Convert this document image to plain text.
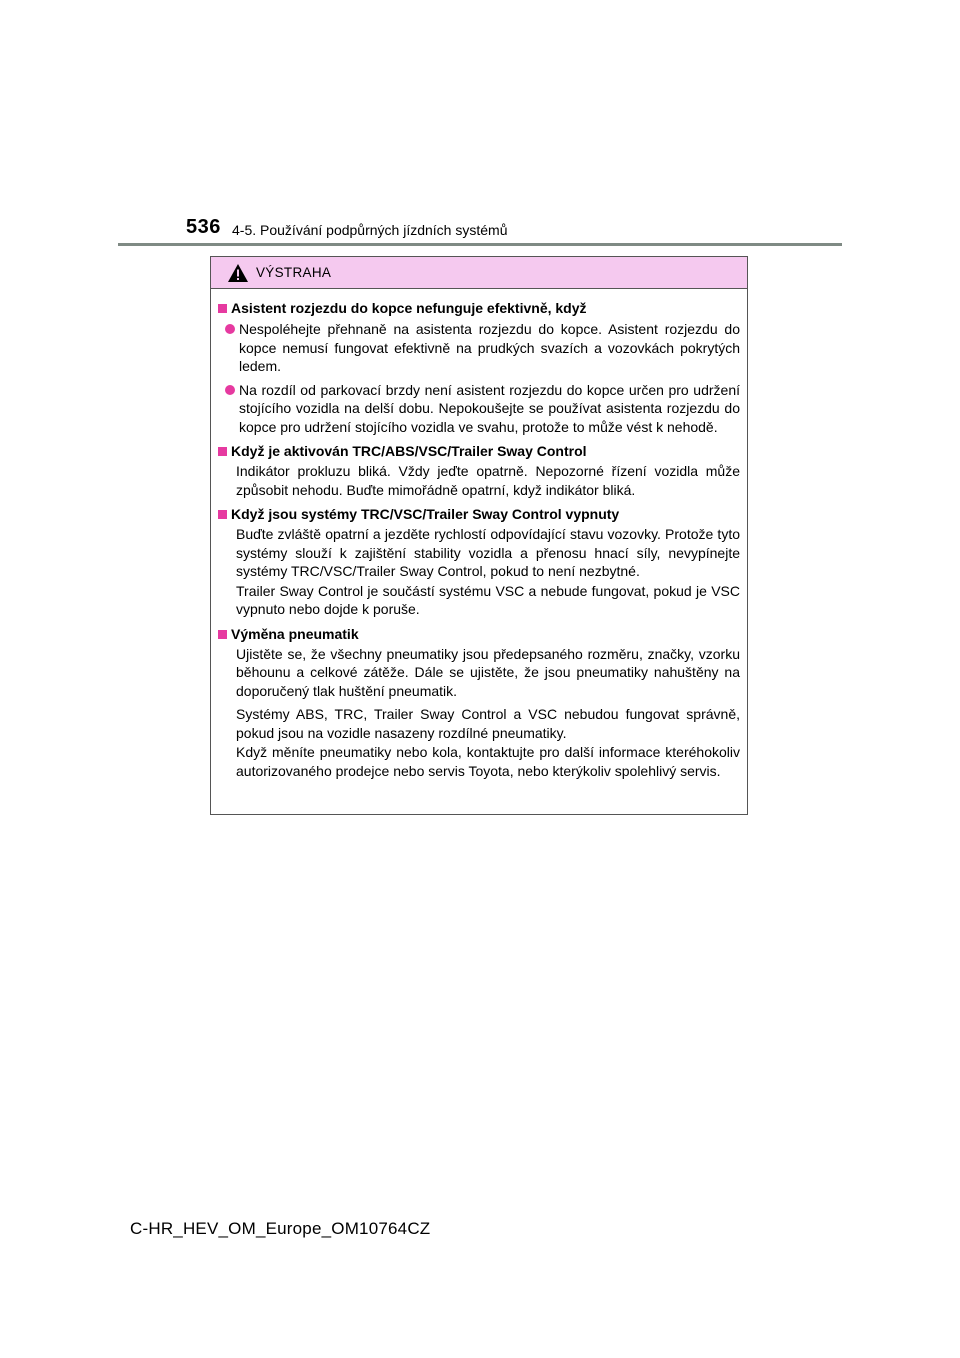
536 4-5. Používání podpůrných jízdních systémů
VÝSTRAHA
Asistent rozjezdu do kopce nefunguje efektivně, když
Nespoléhejte přehnaně na asistenta rozjezdu do kopce. Asistent rozjezdu do kopce nemusí fungovat efektivně na prudkých svazích a vozovkách pokrytých ledem.
Na rozdíl od parkovací brzdy není asistent rozjezdu do kopce určen pro udržení stojícího vozidla na delší dobu. Nepokoušejte se používat asistenta rozjezdu do kopce pro udržení stojícího vozidla ve svahu, protože to může vést k nehodě.
Když je aktivován TRC/ABS/VSC/Trailer Sway Control
Indikátor prokluzu bliká. Vždy jeďte opatrně. Nepozorné řízení vozidla může způsobit nehodu. Buďte mimořádně opatrní, když indikátor bliká.
Když jsou systémy TRC/VSC/Trailer Sway Control vypnuty
Buďte zvláště opatrní a jezděte rychlostí odpovídající stavu vozovky. Protože tyto systémy slouží k zajištění stability vozidla a přenosu hnací síly, nevypínejte systémy TRC/VSC/Trailer Sway Control, pokud to není nezbytné.
Trailer Sway Control je součástí systému VSC a nebude fungovat, pokud je VSC vypnuto nebo dojde k poruše.
Výměna pneumatik
Ujistěte se, že všechny pneumatiky jsou předepsaného rozměru, značky, vzorku běhounu a celkové zátěže. Dále se ujistěte, že jsou pneumatiky nahuštěny na doporučený tlak huštění pneumatik.
Systémy ABS, TRC, Trailer Sway Control a VSC nebudou fungovat správně, pokud jsou na vozidle nasazeny rozdílné pneumatiky.
Když měníte pneumatiky nebo kola, kontaktujte pro další informace kteréhokoliv autorizovaného prodejce nebo servis Toyota, nebo kterýkoliv spolehlivý servis.
C-HR_HEV_OM_Europe_OM10764CZ
